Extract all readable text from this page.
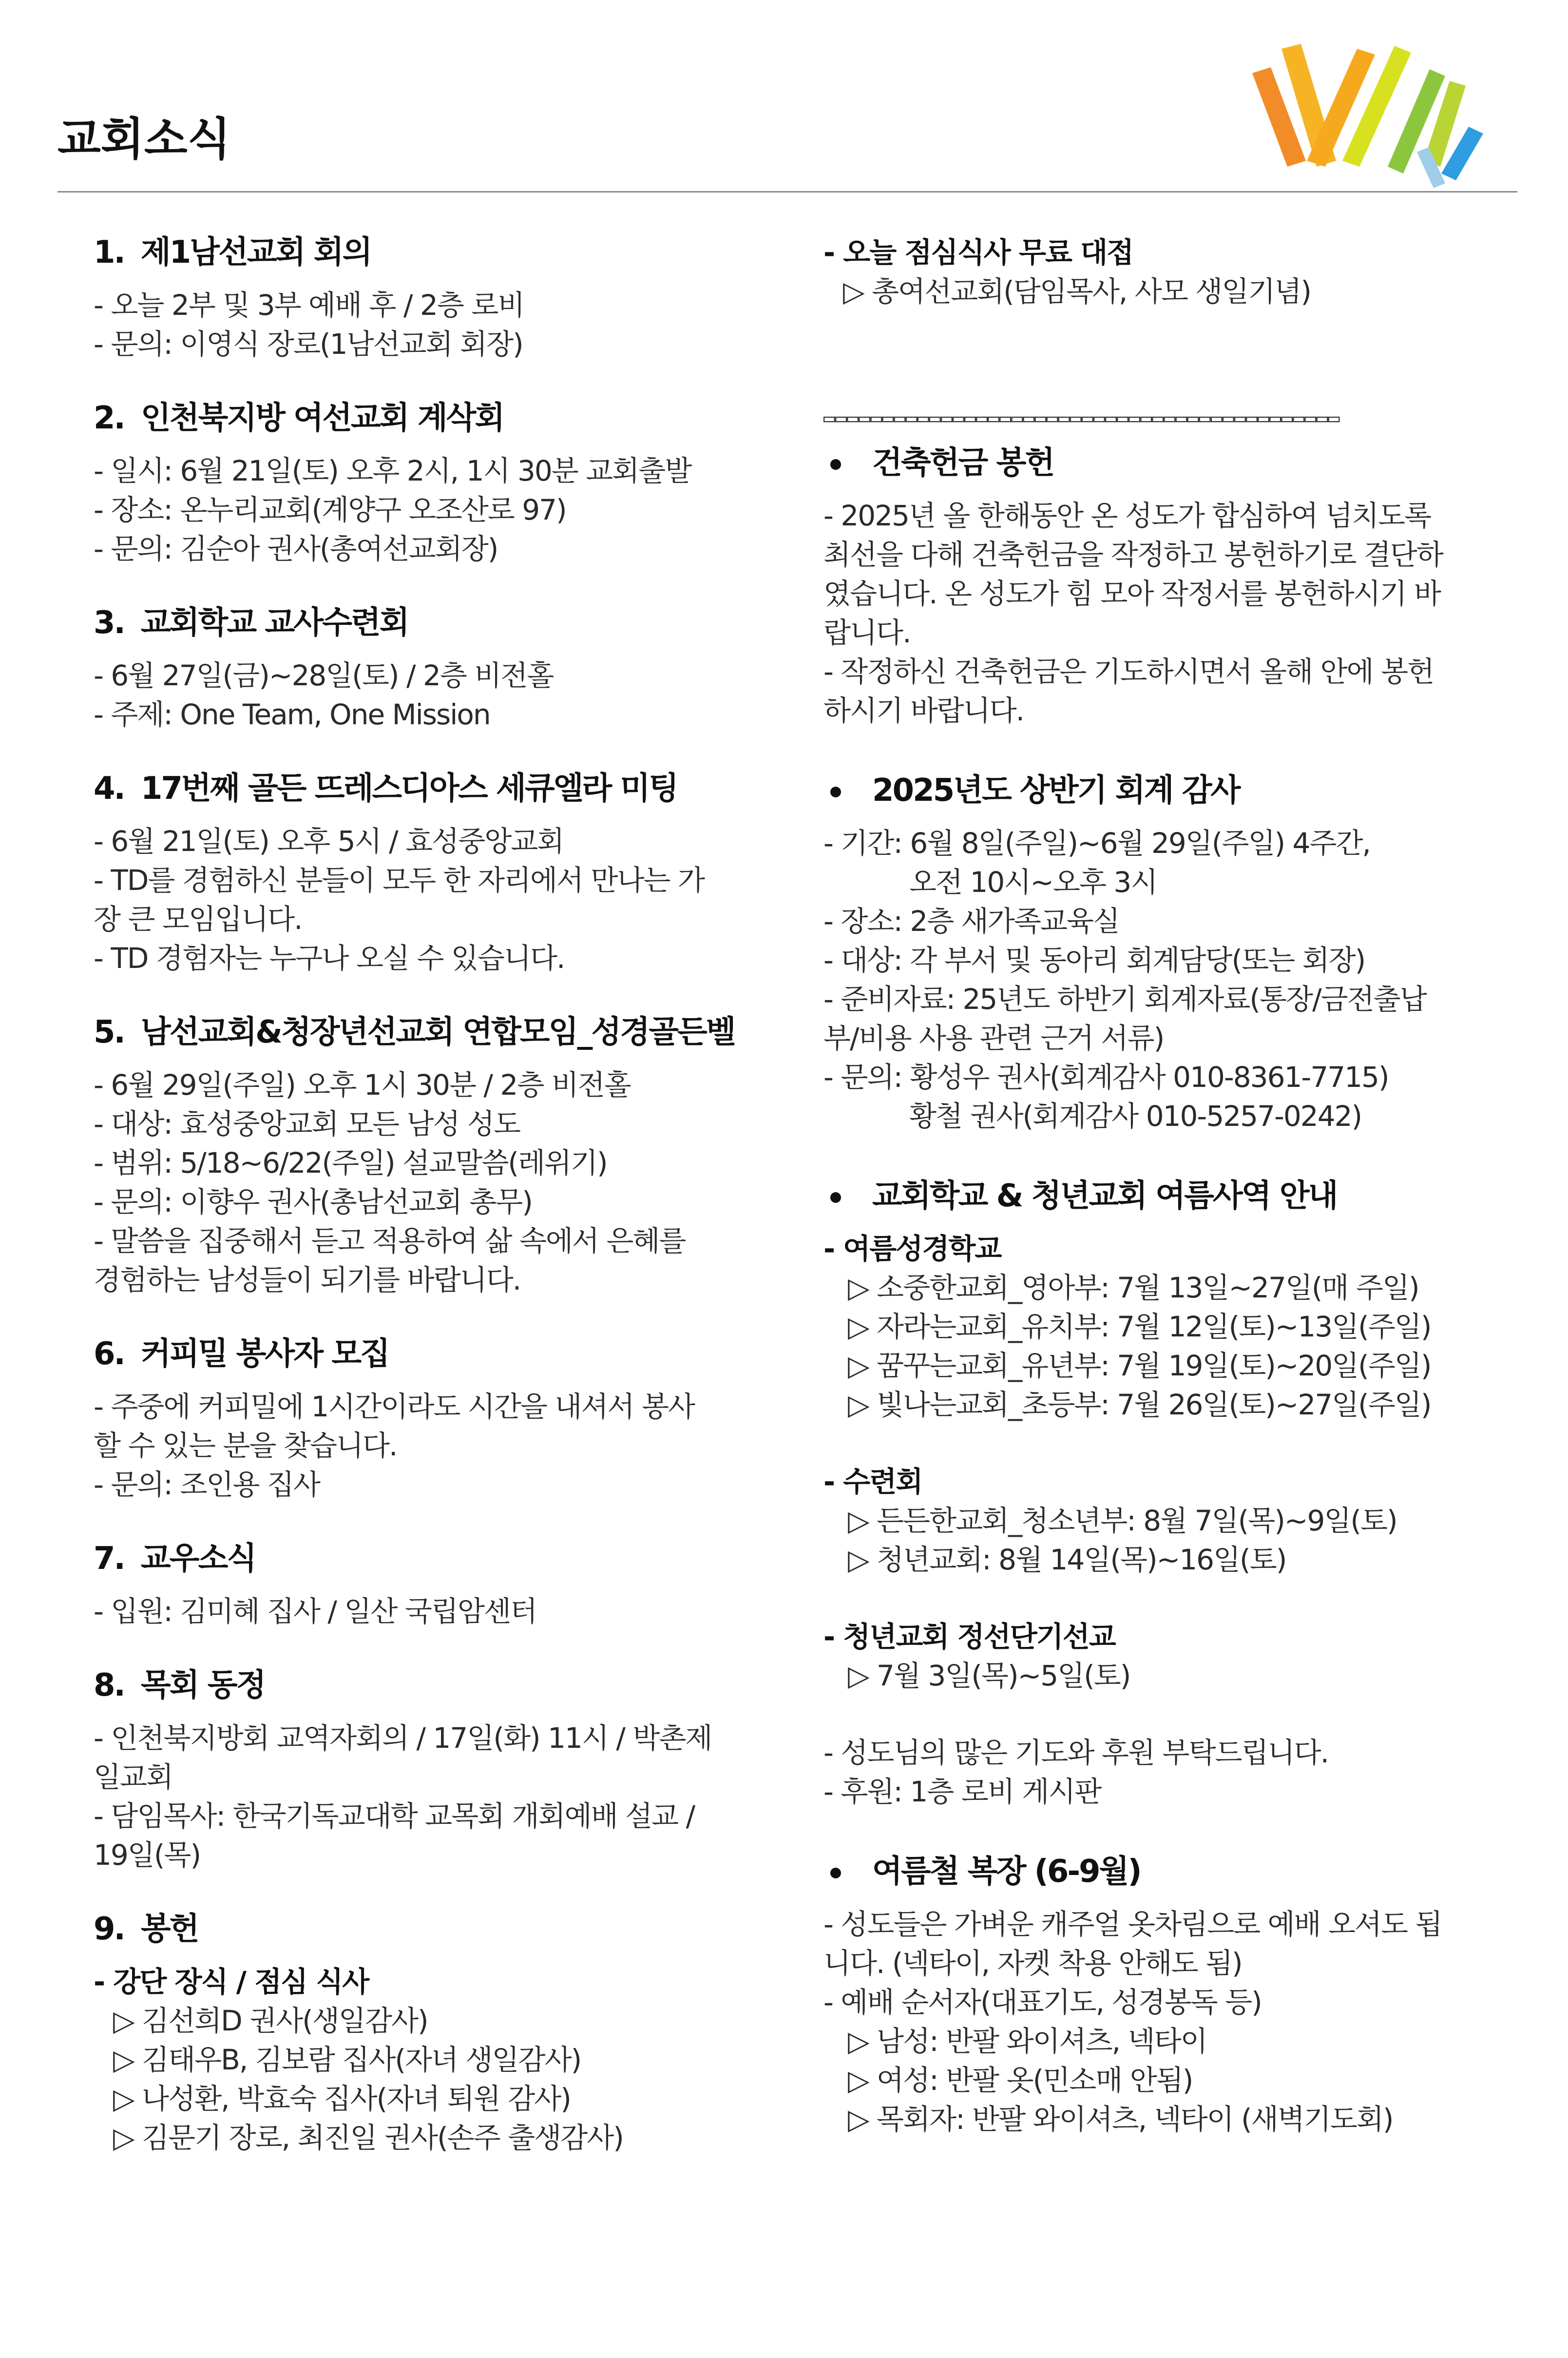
교회소식
1. 제1남선교회 회의

- 오늘 2부 및 3부 예배 후 / 2층 로비

- 문의: 이영식 장로(1남선교회 회장)

2. 인천북지방 여선교회 계삭회

- 일시: 6월 21일(토) 오후 2시, 1시 30분 교회출발

- 장소: 온누리교회(계양구 오조산로 97)

- 문의: 김순아 권사(총여선교회장)

3. 교회학교 교사수련회

- 6월 27일(금)~28일(토) / 2층 비전홀

- 주제: One Team, One Mission

4. 17번째 골든 뜨레스디아스 세큐엘라 미팅

- 6월 21일(토) 오후 5시 / 효성중앙교회

- TD를 경험하신 분들이 모두 한 자리에서 만나는 가

장 큰 모임입니다.

- TD 경험자는 누구나 오실 수 있습니다.

5. 남선교회&청장년선교회 연합모임_성경골든벨

- 6월 29일(주일) 오후 1시 30분 / 2층 비전홀

- 대상: 효성중앙교회 모든 남성 성도

- 범위: 5/18~6/22(주일) 설교말씀(레위기)

- 문의: 이향우 권사(총남선교회 총무)

- 말씀을 집중해서 듣고 적용하여 삶 속에서 은혜를

경험하는 남성들이 되기를 바랍니다.

6. 커피밀 봉사자 모집

- 주중에 커피밀에 1시간이라도 시간을 내셔서 봉사

할 수 있는 분을 찾습니다.

- 문의: 조인용 집사

7. 교우소식

- 입원: 김미혜 집사 / 일산 국립암센터

8. 목회 동정

- 인천북지방회 교역자회의 / 17일(화) 11시 / 박촌제

일교회

- 담임목사: 한국기독교대학 교목회 개회예배 설교 /

19일(목)

9. 봉헌

- 강단 장식 / 점심 식사

▷ 김선희D 권사(생일감사)

▷ 김태우B, 김보람 집사(자녀 생일감사)

▷ 나성환, 박효숙 집사(자녀 퇴원 감사)

▷ 김문기 장로, 최진일 권사(손주 출생감사)

- 오늘 점심식사 무료 대접

▷ 총여선교회(담임목사, 사모 생일기념)

▭▭▭▭▭▭▭▭▭▭▭▭▭▭▭▭▭▭▭▭▭▭▭▭▭▭▭▭▭▭▭▭▭▭▭▭▭▭▭▭▭▭▭▭
건축헌금 봉헌

- 2025년 올 한해동안 온 성도가 합심하여 넘치도록

최선을 다해 건축헌금을 작정하고 봉헌하기로 결단하

였습니다. 온 성도가 힘 모아 작정서를 봉헌하시기 바

랍니다.

- 작정하신 건축헌금은 기도하시면서 올해 안에 봉헌

하시기 바랍니다.

2025년도 상반기 회계 감사

- 기간: 6월 8일(주일)~6월 29일(주일) 4주간,

오전 10시~오후 3시

- 장소: 2층 새가족교육실

- 대상: 각 부서 및 동아리 회계담당(또는 회장)

- 준비자료: 25년도 하반기 회계자료(통장/금전출납

부/비용 사용 관련 근거 서류)

- 문의: 황성우 권사(회계감사 010-8361-7715)

황철 권사(회계감사 010-5257-0242)

교회학교 & 청년교회 여름사역 안내

- 여름성경학교

▷ 소중한교회_영아부: 7월 13일~27일(매 주일)

▷ 자라는교회_유치부: 7월 12일(토)~13일(주일)

▷ 꿈꾸는교회_유년부: 7월 19일(토)~20일(주일)

▷ 빛나는교회_초등부: 7월 26일(토)~27일(주일)

- 수련회

▷ 든든한교회_청소년부: 8월 7일(목)~9일(토)

▷ 청년교회: 8월 14일(목)~16일(토)

- 청년교회 정선단기선교

▷ 7월 3일(목)~5일(토)

- 성도님의 많은 기도와 후원 부탁드립니다.

- 후원: 1층 로비 게시판

여름철 복장 (6-9월)

- 성도들은 가벼운 캐주얼 옷차림으로 예배 오셔도 됩

니다. (넥타이, 자켓 착용 안해도 됨)

- 예배 순서자(대표기도, 성경봉독 등)

▷ 남성: 반팔 와이셔츠, 넥타이

▷ 여성: 반팔 옷(민소매 안됨)

▷ 목회자: 반팔 와이셔츠, 넥타이 (새벽기도회)
